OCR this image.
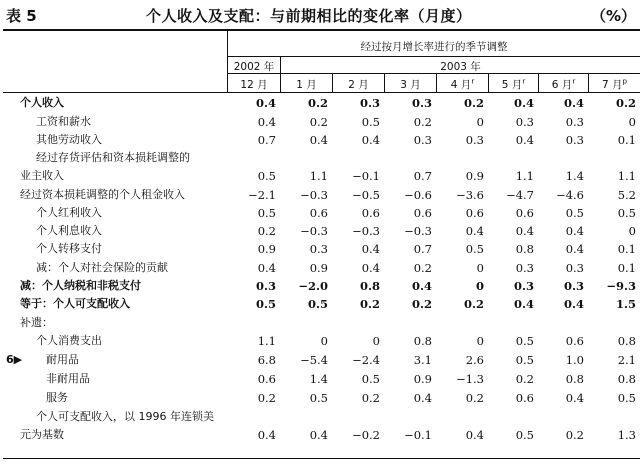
表 5	个人收入及支配：与前期相比的变化率（月度）	（%）
经过按月增长率进行的季节调整
2002 年	2003 年
12 月	1 月	2 月	3 月	4 月$^r$	5 月$^r$	6 月$^r$	7 月$^p$
个人收入	0.4	0.2	0.3	0.3	0.2	0.4	0.4	0.2
工资和薪水	0.4	0.2	0.5	0.2	0	0.3	0.3	0
其他劳动收入	0.7	0.4	0.4	0.3	0.3	0.4	0.3	0.1
经过存货评估和资本损耗调整的
业主收入	0.5	1.1	−0.1	0.7	0.9	1.1	1.4	1.1
经过资本损耗调整的个人租金收入	−2.1	−0.3	−0.5	−0.6	−3.6	−4.7	−4.6	5.2
个人红利收入	0.5	0.6	0.6	0.6	0.6	0.6	0.5	0.5
个人利息收入	0.2	−0.3	−0.3	−0.3	0.4	0.4	0.4	0
个人转移支付	0.9	0.3	0.4	0.7	0.5	0.8	0.4	0.1
减：个人对社会保险的贡献	0.4	0.9	0.4	0.2	0	0.3	0.3	0.1
减：个人纳税和非税支付	0.3	−2.0	0.8	0.4	0	0.3	0.3	−9.3
等于：个人可支配收入	0.5	0.5	0.2	0.2	0.2	0.4	0.4	1.5
补遗：
个人消费支出	1.1	0	0	0.8	0	0.5	0.6	0.8
6▶ 耐用品	6.8	−5.4	−2.4	3.1	2.6	0.5	1.0	2.1
非耐用品	0.6	1.4	0.5	0.9	−1.3	0.2	0.8	0.8
服务	0.2	0.5	0.2	0.4	0.2	0.6	0.4	0.5
个人可支配收入，以 1996 年连锁美
元为基数	0.4	0.4	−0.2	−0.1	0.4	0.5	0.2	1.3
